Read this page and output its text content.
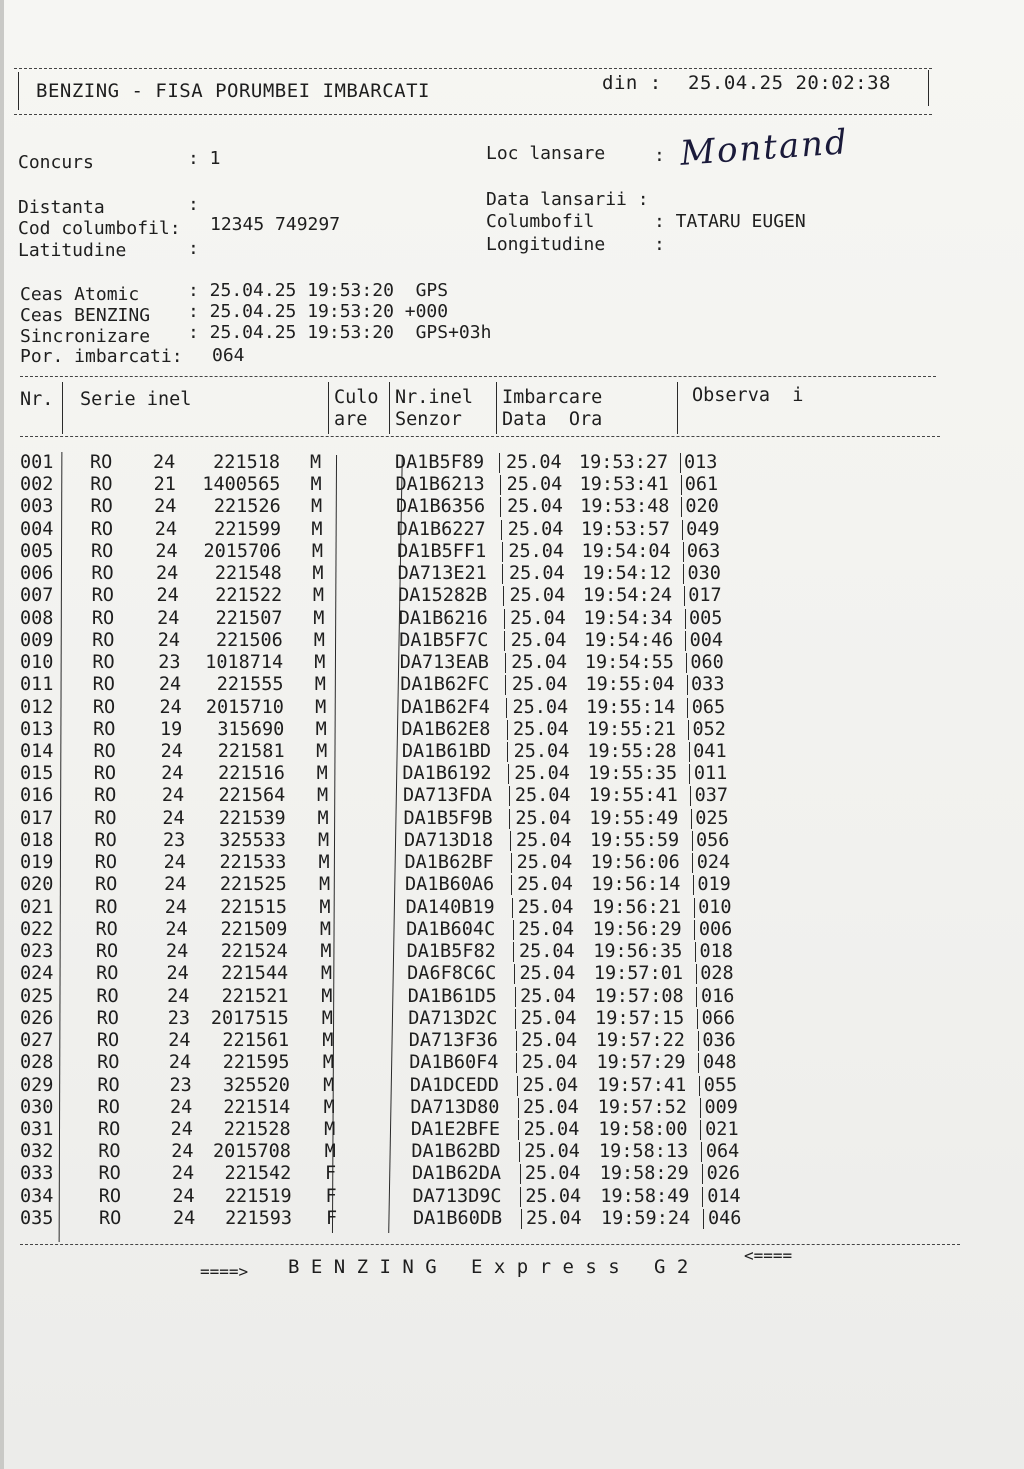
BENZING - FISA PORUMBEI IMBARCATI	din : 25.04.25 20:02:38
Concurs	: 1	Loc lansare	: Montand
Data lansarii :
Distanta	:
Cod columbofil: 12345 749297	Columbofil	: TATARU EUGEN
Latitudine	:	Longitudine	:
Ceas Atomic	: 25.04.25 19:53:20  GPS
Ceas BENZING : 25.04.25 19:53:20 +000
Sincronizare : 25.04.25 19:53:20  GPS+03h
Por. imbarcati: 064
Nr. Serie inel	Culo
are
Nr.inel
Senzor
Imbarcare
Data  Ora
Observa  i
001 RO 24	221518 M	DA1B5F89 25.04 19:53:27 013
002 RO 21 1400565 M	DA1B6213 25.04 19:53:41 061
003 RO 24	221526 M	DA1B6356 25.04 19:53:48 020
004 RO 24	221599 M	DA1B6227 25.04 19:53:57 049
005 RO 24 2015706 M	DA1B5FF1 25.04 19:54:04 063
006 RO 24	221548 M	DA713E21 25.04 19:54:12 030
007 RO 24	221522 M	DA15282B 25.04 19:54:24 017
008 RO 24	221507 M	DA1B6216 25.04 19:54:34 005
009 RO 24	221506 M	DA1B5F7C 25.04 19:54:46 004
010 RO 23 1018714 M	DA713EAB 25.04 19:54:55 060
011 RO 24	221555 M	DA1B62FC 25.04 19:55:04 033
012 RO 24 2015710 M	DA1B62F4 25.04 19:55:14 065
013 RO 19	315690 M	DA1B62E8 25.04 19:55:21 052
014 RO 24	221581 M	DA1B61BD 25.04 19:55:28 041
015 RO 24	221516 M	DA1B6192 25.04 19:55:35 011
016 RO 24	221564 M	DA713FDA 25.04 19:55:41 037
017 RO 24	221539 M	DA1B5F9B 25.04 19:55:49 025
018 RO 23	325533 M	DA713D18 25.04 19:55:59 056
019 RO	24	221533 M	DA1B62BF 25.04 19:56:06 024
020 RO	24	221525 M	DA1B60A6 25.04 19:56:14 019
021 RO	24	221515 M	DA140B19 25.04 19:56:21 010
022 RO	24	221509 M	DA1B604C 25.04 19:56:29 006
023 RO	24	221524 M	DA1B5F82 25.04 19:56:35 018
024 RO	24	221544 M	DA6F8C6C 25.04 19:57:01 028
025 RO	24	221521 M	DA1B61D5 25.04 19:57:08 016
026 RO	23 2017515 M	DA713D2C 25.04 19:57:15 066
027 RO	24	221561 M	DA713F36 25.04 19:57:22 036
028 RO	24	221595 M	DA1B60F4 25.04 19:57:29 048
029 RO	23	325520 M	DA1DCEDD 25.04 19:57:41 055
030 RO	24	221514 M	DA713D80 25.04 19:57:52 009
031 RO	24	221528 M	DA1E2BFE 25.04 19:58:00 021
032 RO	24 2015708 M	DA1B62BD 25.04 19:58:13 064
033 RO	24	221542 F	DA1B62DA 25.04 19:58:29 026
034 RO	24	221519 F	DA713D9C 25.04 19:58:49 014
035 RO	24	221593 F	DA1B60DB 25.04 19:59:24 046
====> B E N Z I N G   E x p r e s s   G 2
<====
